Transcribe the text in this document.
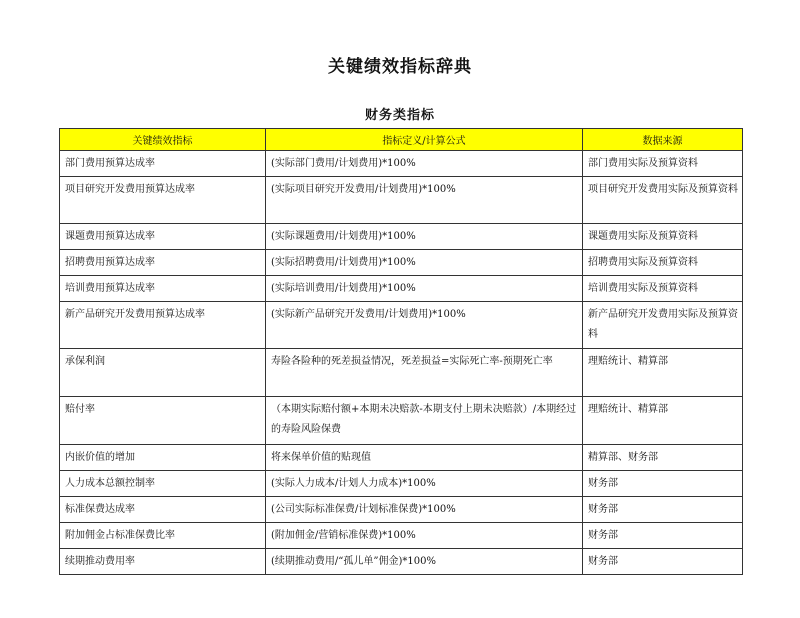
关键绩效指标辞典
财务类指标
关键绩效指标	指标定义/计算公式	数据来源
部门费用预算达成率	(实际部门费用/计划费用)*100%	部门费用实际及预算资料
项目研究开发费用预算达成率	(实际项目研究开发费用/计划费用)*100%	项目研究开发费用实际及预算资料
课题费用预算达成率	(实际课题费用/计划费用)*100%	课题费用实际及预算资料
招聘费用预算达成率	(实际招聘费用/计划费用)*100%	招聘费用实际及预算资料
培训费用预算达成率	(实际培训费用/计划费用)*100%	培训费用实际及预算资料
新产品研究开发费用预算达成率	(实际新产品研究开发费用/计划费用)*100%	新产品研究开发费用实际及预算资料
承保利润	寿险各险种的死差损益情况，死差损益=实际死亡率-预期死亡率	理赔统计、精算部
赔付率	（本期实际赔付额+本期未决赔款-本期支付上期未决赔款）/本期经过的寿险风险保费	理赔统计、精算部
内嵌价值的增加	将来保单价值的贴现值	精算部、财务部
人力成本总额控制率	(实际人力成本/计划人力成本)*100%	财务部
标准保费达成率	(公司实际标准保费/计划标准保费)*100%	财务部
附加佣金占标准保费比率	(附加佣金/营销标准保费)*100%	财务部
续期推动费用率	(续期推动费用/“孤儿单”佣金)*100%	财务部
